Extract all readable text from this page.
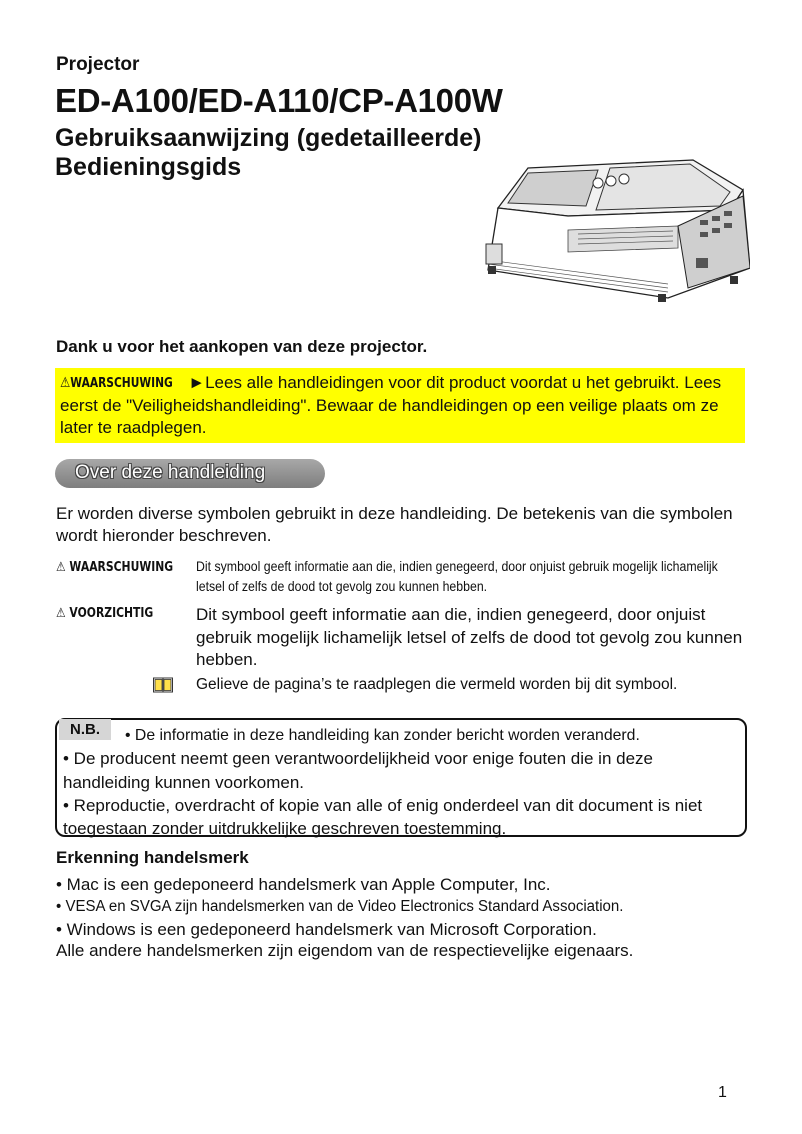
Projector
ED-A100/ED-A110/CP-A100W
Gebruiksaanwijzing (gedetailleerde)
Bedieningsgids
Dank u voor het aankopen van deze projector.
⚠WAARSCHUWING ►Lees alle handleidingen voor dit product voordat u het gebruikt. Lees eerst de "Veiligheidshandleiding". Bewaar de handleidingen op een veilige plaats om ze later te raadplegen.
Over deze handleiding
Er worden diverse symbolen gebruikt in deze handleiding. De betekenis van die symbolen wordt hieronder beschreven.
⚠ WAARSCHUWING Dit symbool geeft informatie aan die, indien genegeerd, door onjuist gebruik mogelijk lichamelijk letsel of zelfs de dood tot gevolg zou kunnen hebben.
⚠ VOORZICHTIG	Dit symbool geeft informatie aan die, indien genegeerd, door onjuist gebruik mogelijk lichamelijk letsel of zelfs de dood tot gevolg zou kunnen hebben.
Gelieve de pagina’s te raadplegen die vermeld worden bij dit symbool.
N.B.	• De informatie in deze handleiding kan zonder bericht worden veranderd.
• De producent neemt geen verantwoordelijkheid voor enige fouten die in deze handleiding kunnen voorkomen.
• Reproductie, overdracht of kopie van alle of enig onderdeel van dit document is niet toegestaan zonder uitdrukkelijke geschreven toestemming.
Erkenning handelsmerk
• Mac is een gedeponeerd handelsmerk van Apple Computer, Inc.
• VESA en SVGA zijn handelsmerken van de Video Electronics Standard Association.
• Windows is een gedeponeerd handelsmerk van Microsoft Corporation.
Alle andere handelsmerken zijn eigendom van de respectievelijke eigenaars.
1
